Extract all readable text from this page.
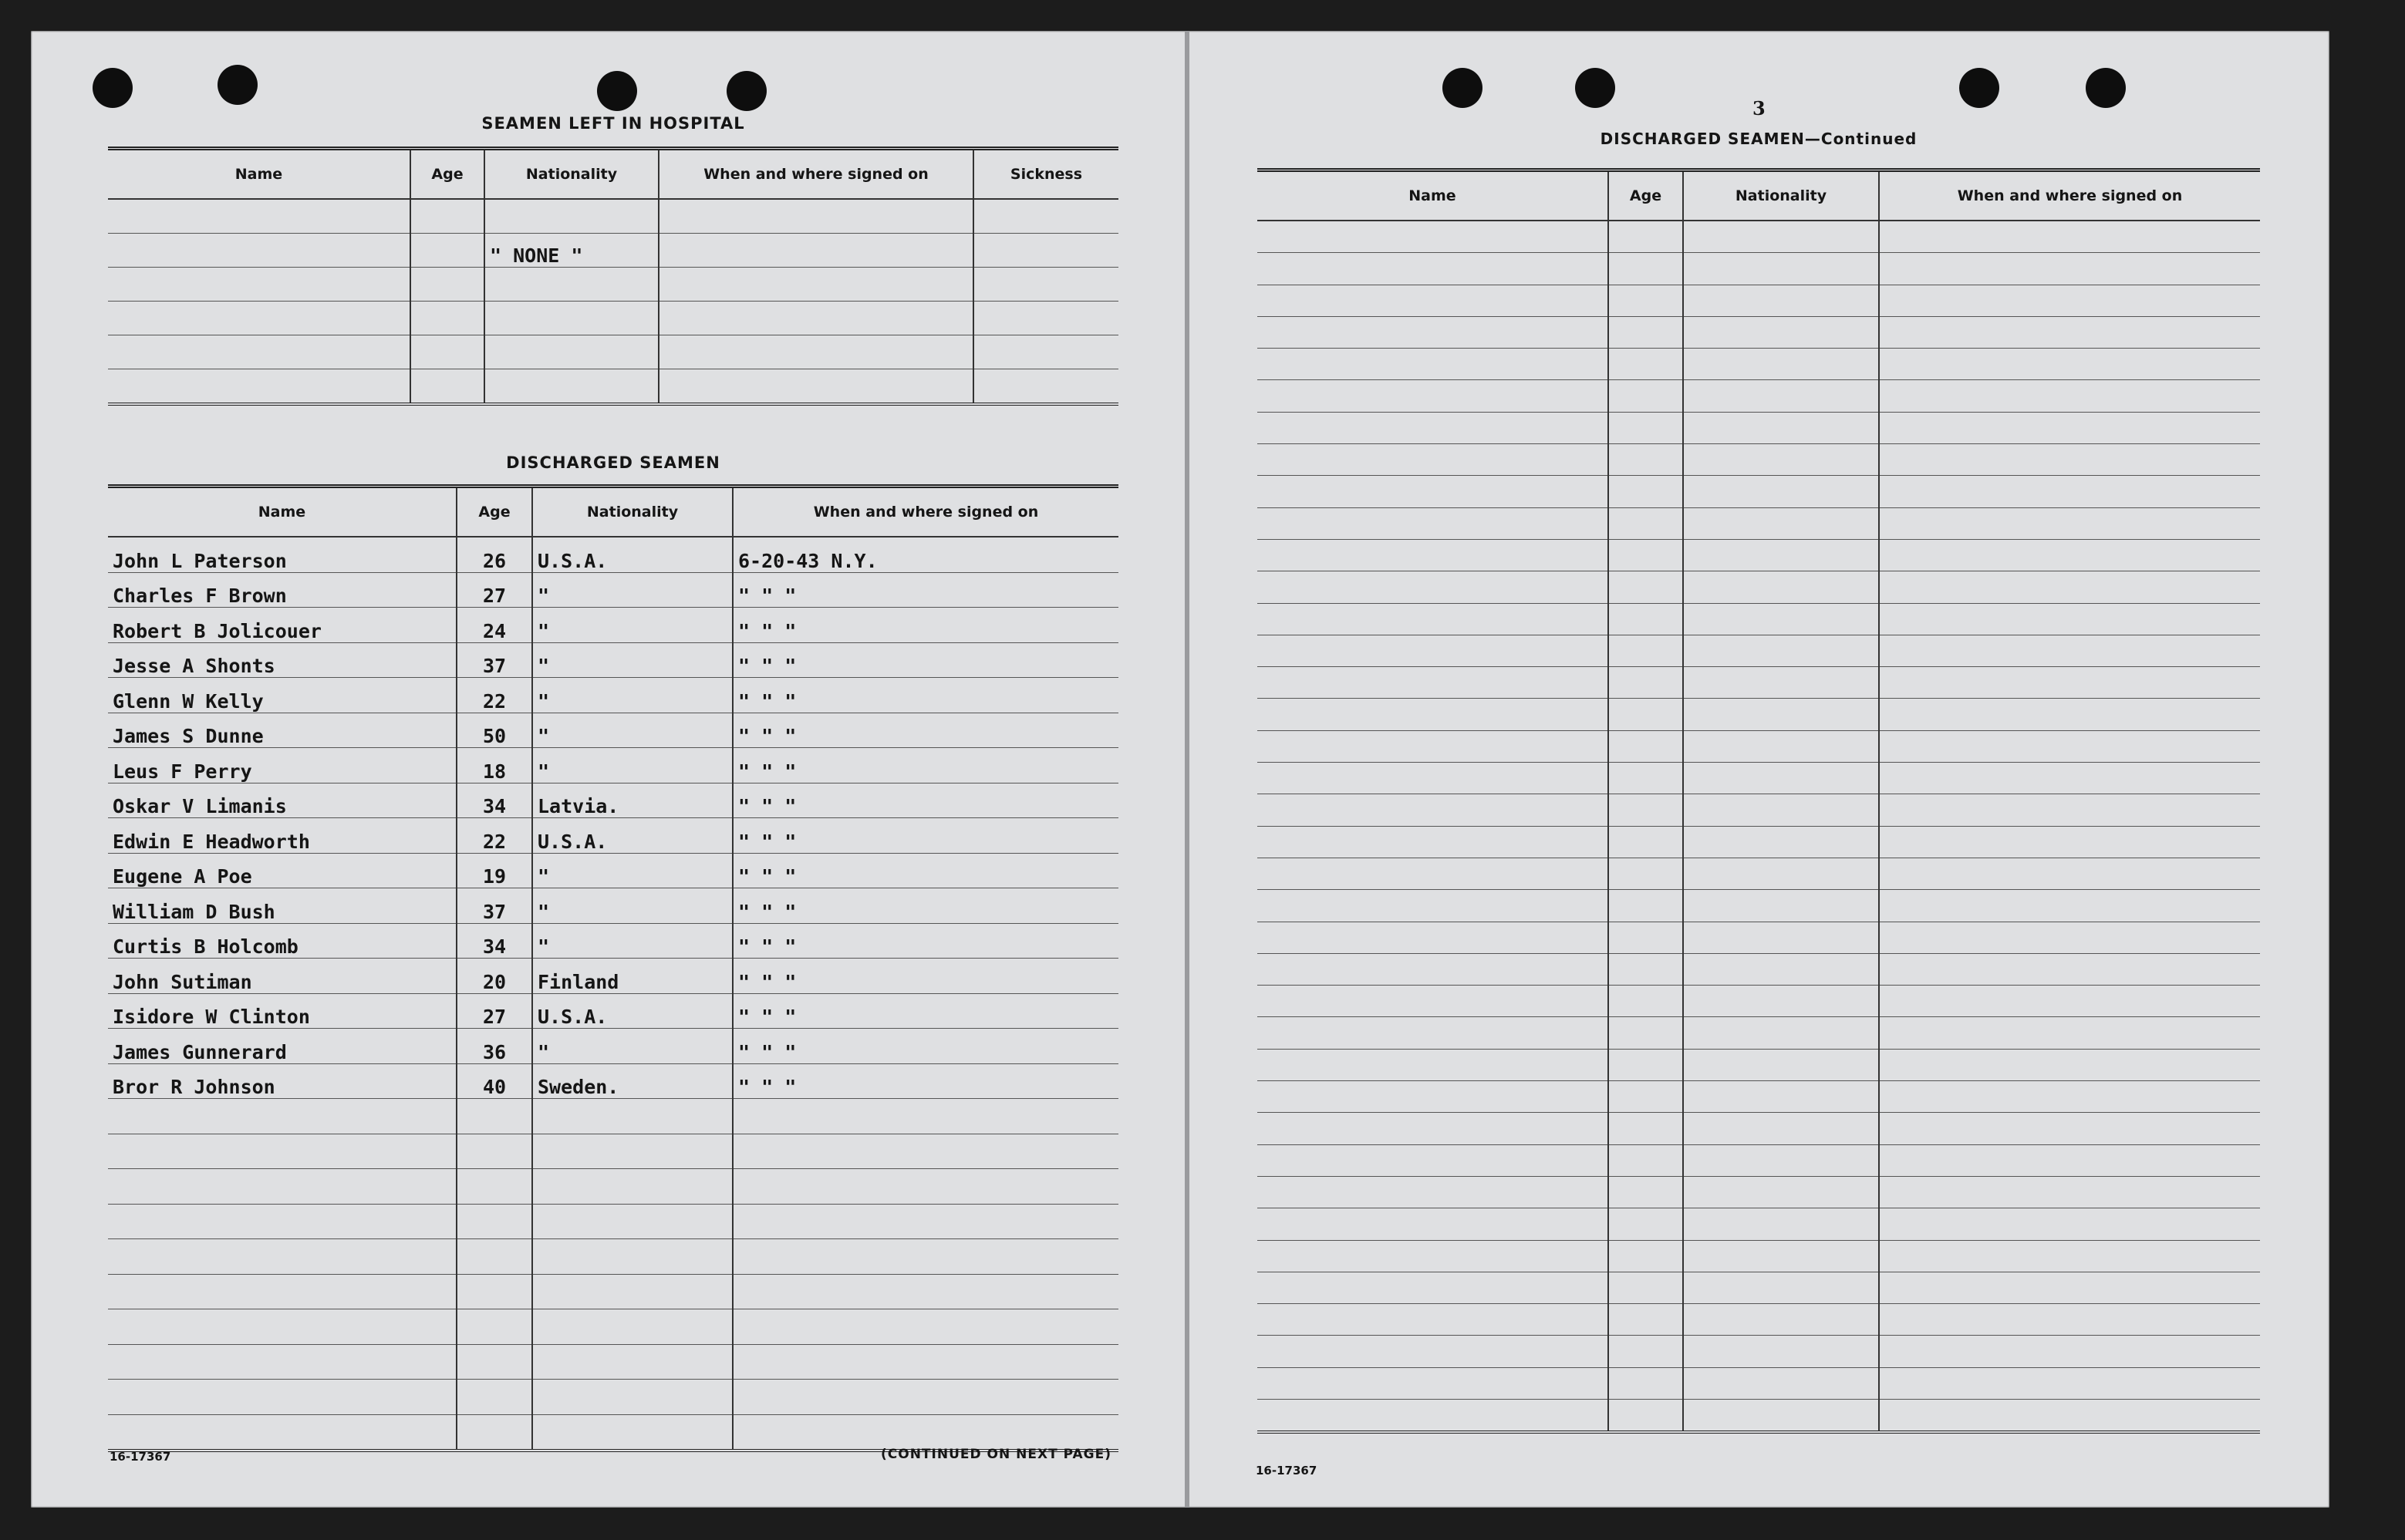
SEAMEN LEFT IN HOSPITAL
Name	Age	Nationality	When and where signed on	Sickness

		" NONE "		

DISCHARGED SEAMEN
Name	Age	Nationality	When and where signed on
John L Paterson	26	U.S.A.	6-20-43 N.Y.
Charles F Brown	27	"	" " "
Robert B Jolicouer	24	"	" " "
Jesse A Shonts	37	"	" " "
Glenn W Kelly	22	"	" " "
James S Dunne	50	"	" " "
Leus F Perry	18	"	" " "
Oskar V Limanis	34	Latvia.	" " "
Edwin E Headworth	22	U.S.A.	" " "
Eugene A Poe	19	"	" " "
William D Bush	37	"	" " "
Curtis B Holcomb	34	"	" " "
John Sutiman	20	Finland	" " "
Isidore W Clinton	27	U.S.A.	" " "
James Gunnerard	36	"	" " "
Bror R Johnson	40	Sweden.	" " "

16-17367	(CONTINUED ON NEXT PAGE)
3
DISCHARGED SEAMEN—Continued
Name	Age	Nationality	When and where signed on

16-17367
